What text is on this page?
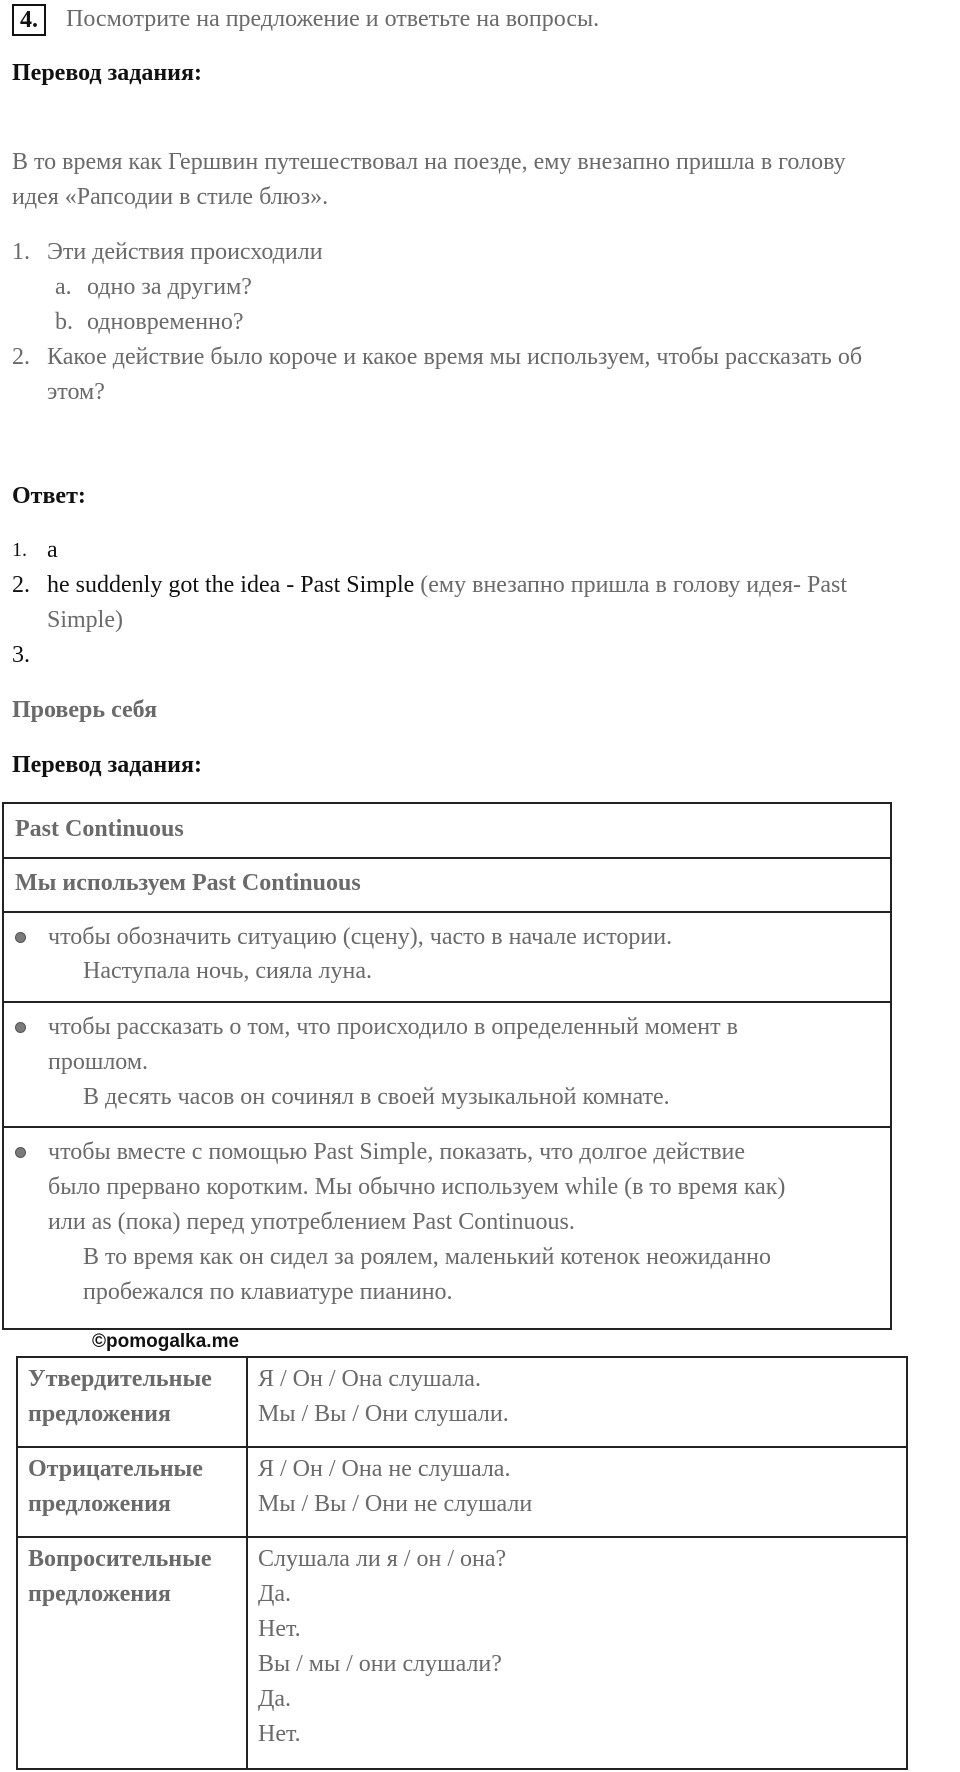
4.	Посмотрите на предложение и ответьте на вопросы.
Перевод задания:
В то время как Гершвин путешествовал на поезде, ему внезапно пришла в голову
идея «Рапсодии в стиле блюз».
1. Эти действия происходили
a. одно за другим?
b. одновременно?
2. Какое действие было короче и какое время мы используем, чтобы рассказать об
этом?
Ответ:
1. a
2. he suddenly got the idea - Past Simple (ему внезапно пришла в голову идея- Past
Simple)
3.
Проверь себя
Перевод задания:
Past Continuous
Мы используем Past Continuous
чтобы обозначить ситуацию (сцену), часто в начале истории.
Наступала ночь, сияла луна.
чтобы рассказать о том, что происходило в определенный момент в
прошлом.
В десять часов он сочинял в своей музыкальной комнате.
чтобы вместе с помощью Past Simple, показать, что долгое действие
было прервано коротким. Мы обычно используем while (в то время как)
или as (пока) перед употреблением Past Continuous.
В то время как он сидел за роялем, маленький котенок неожиданно
пробежался по клавиатуре пианино.
©pomogalka.me
Утвердительные
предложения
Я / Он / Она слушала.
Мы / Вы / Они слушали.
Отрицательные
предложения
Я / Он / Она не слушала.
Мы / Вы / Они не слушали
Вопросительные
предложения
Слушала ли я / он / она?
Да.
Нет.
Вы / мы / они слушали?
Да.
Нет.
